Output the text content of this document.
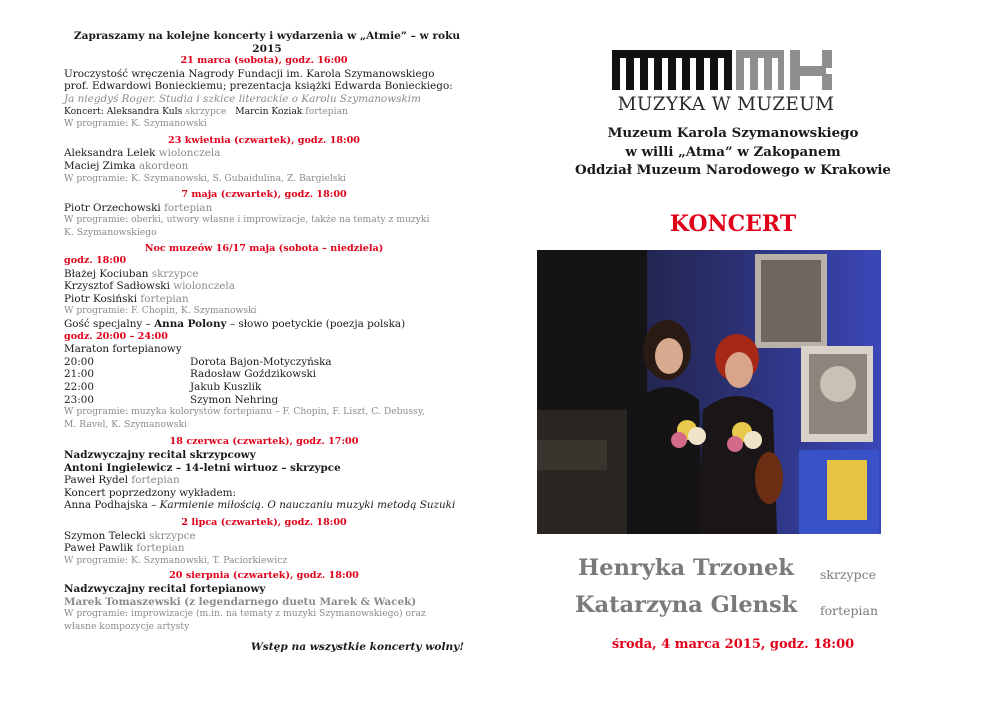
Zapraszamy na kolejne koncerty i wydarzenia w „Atmie” – w roku 2015
21 marca (sobota), godz. 16:00
Uroczystość wręczenia Nagrody Fundacji im. Karola Szymanowskiego
prof. Edwardowi Bonieckiemu; prezentacja książki Edwarda Bonieckiego:
Ja niegdyś Roger. Studia i szkice literackie o Karolu Szymanowskim
Koncert: Aleksandra Kuls skrzypce Marcin Koziak fortepian
W programie: K. Szymanowski
23 kwietnia (czwartek), godz. 18:00
Aleksandra Lelek wiolonczela
Maciej Zimka akordeon
W programie: K. Szymanowski, S. Gubaidulina, Z. Bargielski
7 maja (czwartek), godz. 18:00
Piotr Orzechowski fortepian
W programie: oberki, utwory własne i improwizacje, także na tematy z muzyki
K. Szymanowskiego
Noc muzeów 16/17 maja (sobota – niedziela)
godz. 18:00
Błażej Kociuban skrzypce
Krzysztof Sadłowski wiolonczela
Piotr Kosiński fortepian
W programie: F. Chopin, K. Szymanowski
Gość specjalny – Anna Polony – słowo poetyckie (poezja polska)
godz. 20:00 – 24:00
Maraton fortepianowy
20:00	Dorota Bajon-Motyczyńska
21:00	Radosław Goździkowski
22:00	Jakub Kuszlik
23:00	Szymon Nehring
W programie: muzyka kolorystów fortepianu – F. Chopin, F. Liszt, C. Debussy,
M. Ravel, K. Szymanowski
18 czerwca (czwartek), godz. 17:00
Nadzwyczajny recital skrzypcowy
Antoni Ingielewicz – 14-letni wirtuoz – skrzypce
Paweł Rydel fortepian
Koncert poprzedzony wykładem:
Anna Podhajska – Karmienie miłością. O nauczaniu muzyki metodą Suzuki
2 lipca (czwartek), godz. 18:00
Szymon Telecki skrzypce
Paweł Pawlik fortepian
W programie: K. Szymanowski, T. Paciorkiewicz
20 sierpnia (czwartek), godz. 18:00
Nadzwyczajny recital fortepianowy
Marek Tomaszewski (z legendarnego duetu Marek & Wacek)
W programie: improwizacje (m.in. na tematy z muzyki Szymanowskiego) oraz
własne kompozycje artysty
Wstęp na wszystkie koncerty wolny!
MUZYKA W MUZEUM
Muzeum Karola Szymanowskiego
w willi „Atma” w Zakopanem
Oddział Muzeum Narodowego w Krakowie
KONCERT
Henryka Trzonek skrzypce
Katarzyna Glensk fortepian
środa, 4 marca 2015, godz. 18:00
